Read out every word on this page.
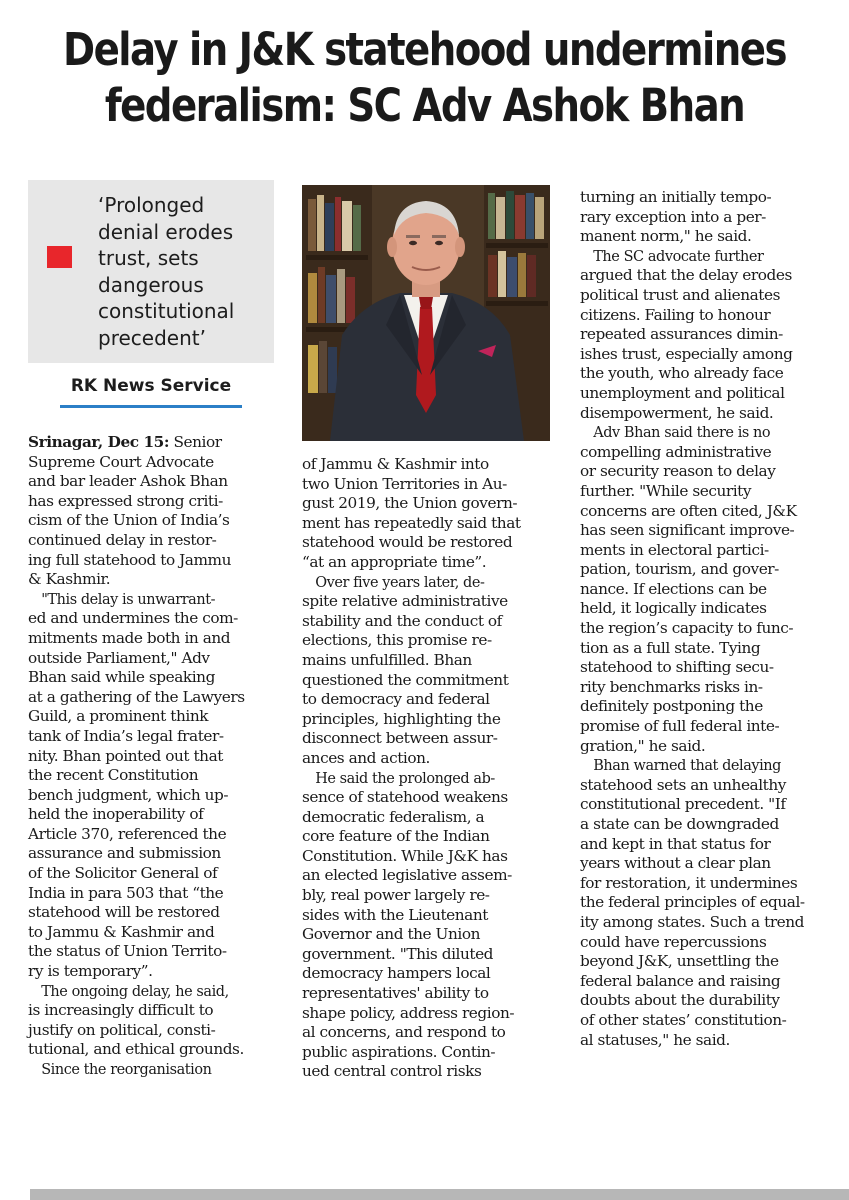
Delay in J&K statehood undermines
federalism: SC Adv Ashok Bhan
‘Prolonged
denial erodes
trust, sets
dangerous
constitutional
precedent’
RK News Service

Srinagar, Dec 15: Senior
Supreme Court Advocate
and bar leader Ashok Bhan
has expressed strong criti-
cism of the Union of India’s
continued delay in restor-
ing full statehood to Jammu
& Kashmir.

"This delay is unwarrant-
ed and undermines the com-
mitments made both in and
outside Parliament," Adv
Bhan said while speaking
at a gathering of the Lawyers
Guild, a prominent think
tank of India’s legal frater-
nity. Bhan pointed out that
the recent Constitution
bench judgment, which up-
held the inoperability of
Article 370, referenced the
assurance and submission
of the Solicitor General of
India in para 503 that “the
statehood will be restored
to Jammu & Kashmir and
the status of Union Territo-
ry is temporary”.

The ongoing delay, he said,
is increasingly difficult to
justify on political, consti-
tutional, and ethical grounds.

Since the reorganisation

of Jammu & Kashmir into
two Union Territories in Au-
gust 2019, the Union govern-
ment has repeatedly said that
statehood would be restored
“at an appropriate time”.

Over five years later, de-
spite relative administrative
stability and the conduct of
elections, this promise re-
mains unfulfilled. Bhan
questioned the commitment
to democracy and federal
principles, highlighting the
disconnect between assur-
ances and action.

He said the prolonged ab-
sence of statehood weakens
democratic federalism, a
core feature of the Indian
Constitution. While J&K has
an elected legislative assem-
bly, real power largely re-
sides with the Lieutenant
Governor and the Union
government. "This diluted
democracy hampers local
representatives' ability to
shape policy, address region-
al concerns, and respond to
public aspirations. Contin-
ued central control risks

turning an initially tempo-
rary exception into a per-
manent norm," he said.

The SC advocate further
argued that the delay erodes
political trust and alienates
citizens. Failing to honour
repeated assurances dimin-
ishes trust, especially among
the youth, who already face
unemployment and political
disempowerment, he said.

Adv Bhan said there is no
compelling administrative
or security reason to delay
further. "While security
concerns are often cited, J&K
has seen significant improve-
ments in electoral partici-
pation, tourism, and gover-
nance. If elections can be
held, it logically indicates
the region’s capacity to func-
tion as a full state. Tying
statehood to shifting secu-
rity benchmarks risks in-
definitely postponing the
promise of full federal inte-
gration," he said.

Bhan warned that delaying
statehood sets an unhealthy
constitutional precedent. "If
a state can be downgraded
and kept in that status for
years without a clear plan
for restoration, it undermines
the federal principles of equal-
ity among states. Such a trend
could have repercussions
beyond J&K, unsettling the
federal balance and raising
doubts about the durability
of other states’ constitution-
al statuses," he said.
